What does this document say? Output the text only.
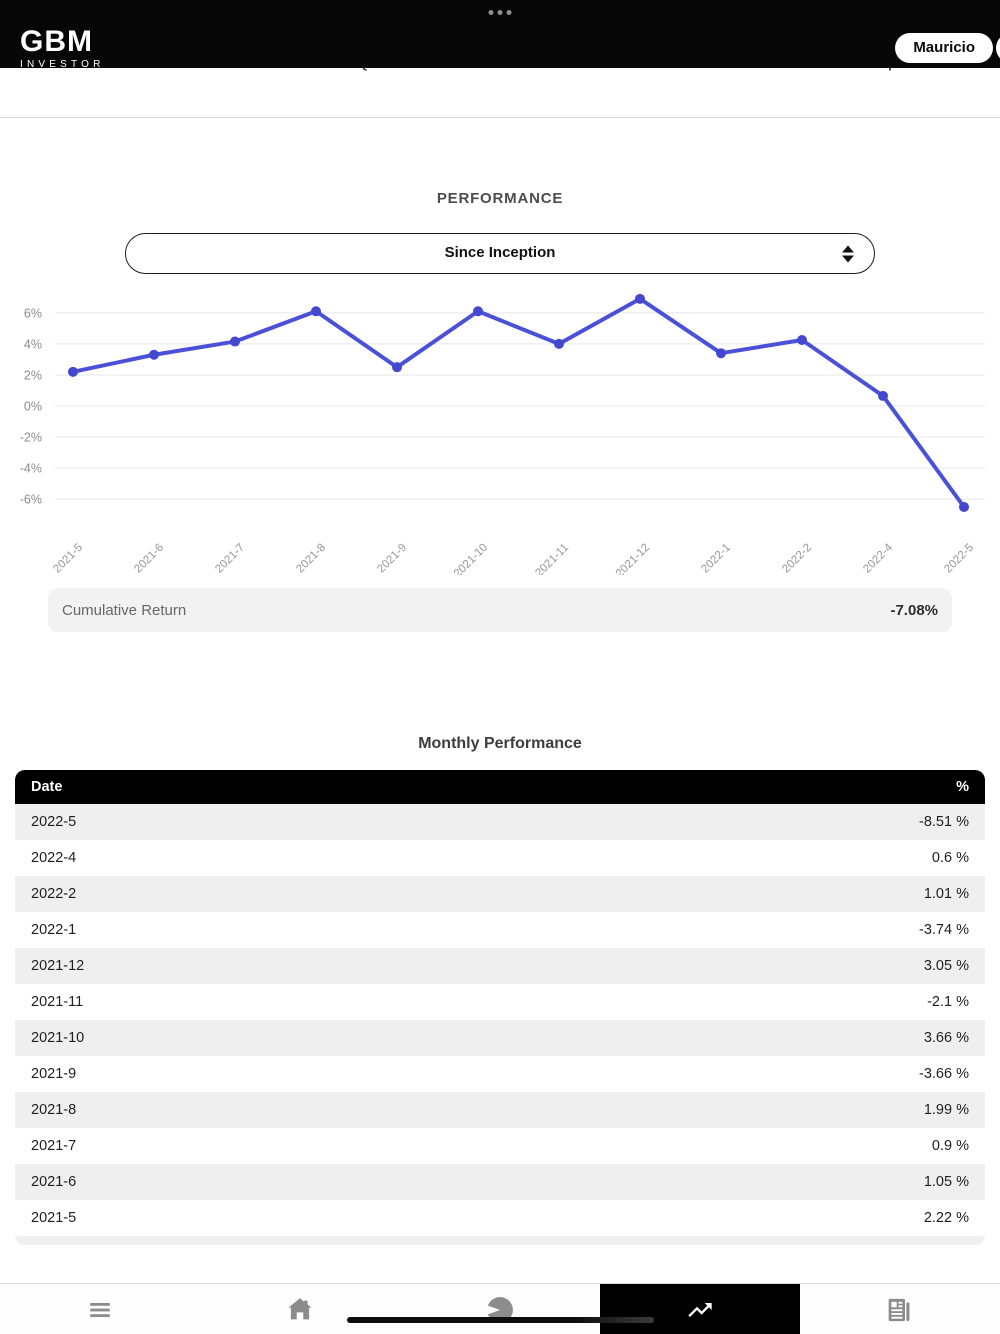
GBM
INVESTOR
Mauricio
PERFORMANCE
Since Inception
6%
4%
2%
0%
-2%
-4%
-6%
2021-5	2021-6	2021-7	2021-8	2021-9	2021-10	2021-11	2021-12	2022-1	2022-2	2022-4	2022-5
Cumulative Return	-7.08%
Monthly Performance
Date	%
2022-5	-8.51 %
2022-4	0.6 %
2022-2	1.01 %
2022-1	-3.74 %
2021-12	3.05 %
2021-11	-2.1 %
2021-10	3.66 %
2021-9	-3.66 %
2021-8	1.99 %
2021-7	0.9 %
2021-6	1.05 %
2021-5	2.22 %
